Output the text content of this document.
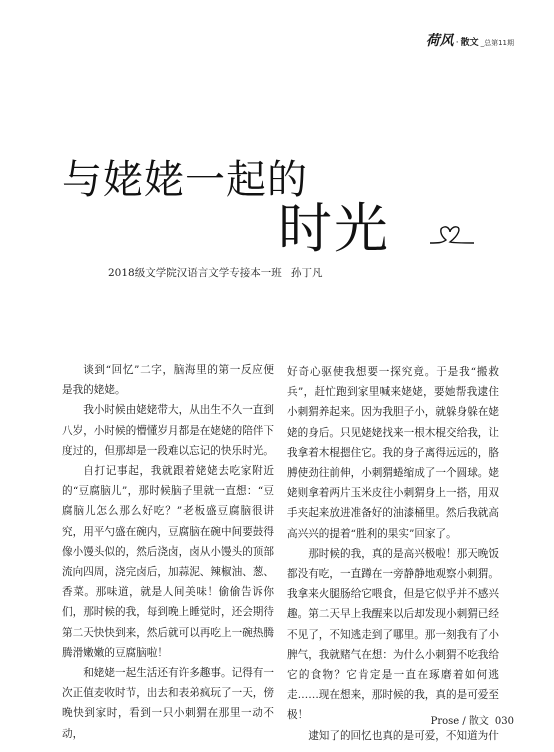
荷风 · 散文 _总第11期
与姥姥一起的
时光
2018级文学院汉语言文学专接本一班 孙丁凡

谈到“回忆”二字，脑海里的第一反应便是我的姥姥。

我小时候由姥姥带大，从出生不久一直到八岁，小时候的懵懂岁月都是在姥姥的陪伴下度过的，但那却是一段难以忘记的快乐时光。

自打记事起，我就跟着姥姥去吃家附近的“豆腐脑儿”，那时候脑子里就一直想：“豆腐脑儿怎么那么好吃？”老板盛豆腐脑很讲究，用平勺盛在碗内，豆腐脑在碗中间要鼓得像小馒头似的，然后浇卤，卤从小馒头的顶部流向四周，浇完卤后，加蒜泥、辣椒油、葱、香菜。那味道，就是人间美味！偷偷告诉你们，那时候的我，每到晚上睡觉时，还会期待第二天快快到来，然后就可以再吃上一碗热腾腾滑嫩嫩的豆腐脑啦！

和姥姥一起生活还有许多趣事。记得有一次正值麦收时节，出去和表弟疯玩了一天，傍晚快到家时，看到一只小刺猬在那里一动不动，

好奇心驱使我想要一探究竟。于是我“搬救兵”，赶忙跑到家里喊来姥姥，要她帮我逮住小刺猬养起来。因为我胆子小，就躲身躲在姥姥的身后。只见姥姥找来一根木棍交给我，让我拿着木棍摁住它。我的身子离得远远的，胳膊使劲往前伸，小刺猬蜷缩成了一个圆球。姥姥则拿着两片玉米皮往小刺猬身上一搭，用双手夹起来放进准备好的油漆桶里。然后我就高高兴兴的提着“胜利的果实”回家了。

那时候的我，真的是高兴极啦！那天晚饭都没有吃，一直蹲在一旁静静地观察小刺猬。我拿来火腿肠给它喂食，但是它似乎并不感兴趣。第二天早上我醒来以后却发现小刺猬已经不见了，不知逃走到了哪里。那一刻我有了小脾气，我就赌气在想：为什么小刺猬不吃我给它的食物？它肯定是一直在琢磨着如何逃走……现在想来，那时候的我，真的是可爱至极！

逮知了的回忆也真的是可爱，不知道为什

Prose / 散文 030
